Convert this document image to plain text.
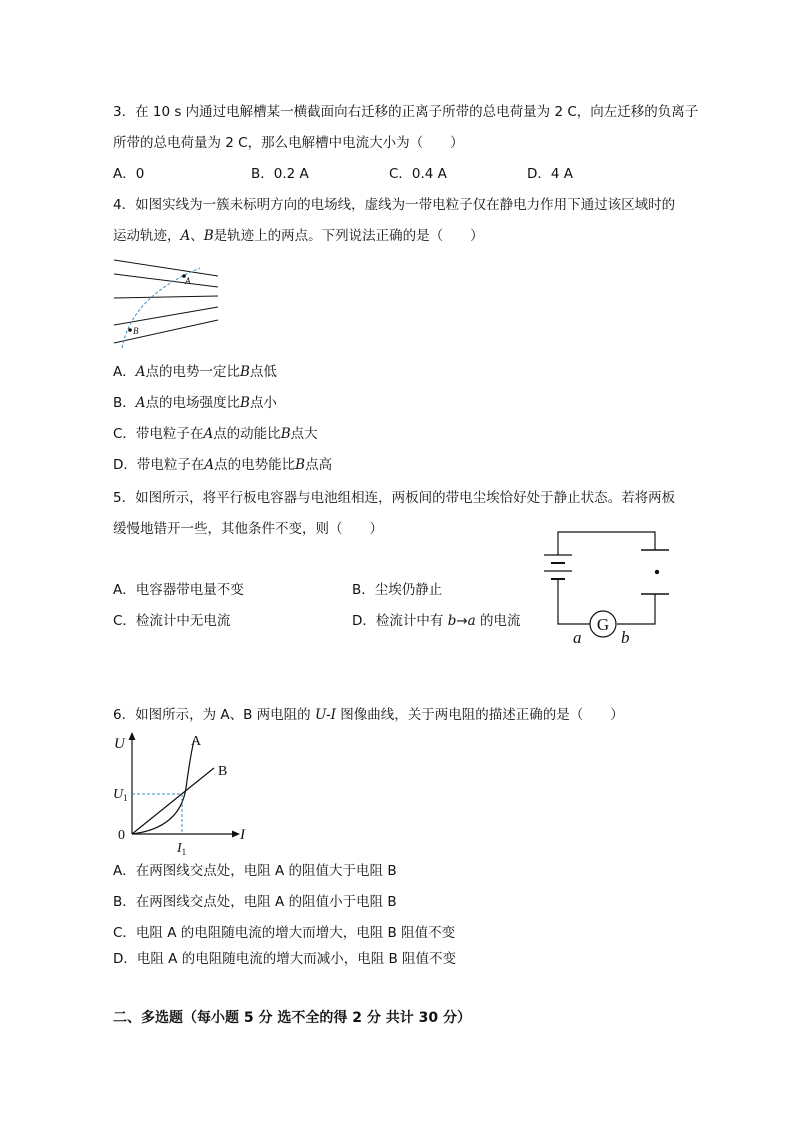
3．在 10 s 内通过电解槽某一横截面向右迁移的正离子所带的总电荷量为 2 C，向左迁移的负离子
所带的总电荷量为 2 C，那么电解槽中电流大小为（　　）
A．0	B．0.2 A	C．0.4 A	D．4 A
4．如图实线为一簇未标明方向的电场线，虚线为一带电粒子仅在静电力作用下通过该区域时的
运动轨迹，A、B是轨迹上的两点。下列说法正确的是（　　）
A
B
A．A点的电势一定比B点低
B．A点的电场强度比B点小
C．带电粒子在A点的动能比B点大
D．带电粒子在A点的电势能比B点高
5．如图所示，将平行板电容器与电池组相连，两板间的带电尘埃恰好处于静止状态。若将两板
缓慢地错开一些，其他条件不变，则（　　）
A．电容器带电量不变	B．尘埃仍静止
C．检流计中无电流	D．检流计中有 b→a 的电流	G
a b
6．如图所示，为 A、B 两电阻的 U-I 图像曲线，关于两电阻的描述正确的是（　　）
U
I
0
$U_1$
$I_1$
A
B
A．在两图线交点处，电阻 A 的阻值大于电阻 B
B．在两图线交点处，电阻 A 的阻值小于电阻 B
C．电阻 A 的电阻随电流的增大而增大，电阻 B 阻值不变
D．电阻 A 的电阻随电流的增大而减小，电阻 B 阻值不变
二、多选题（每小题 5 分 选不全的得 2 分 共计 30 分）
